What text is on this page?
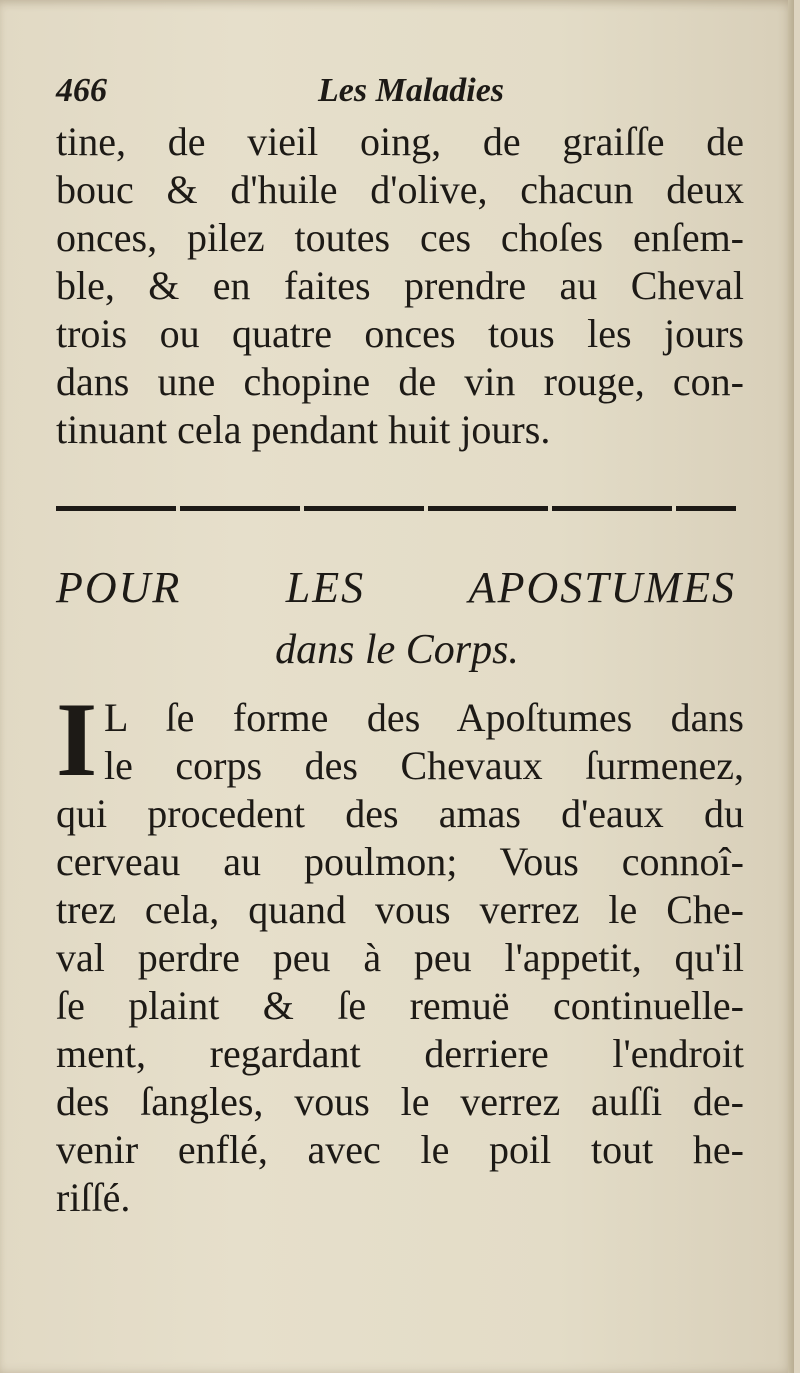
466	Les Maladies
tine, de vieil oing, de graiſſe de
bouc & d'huile d'olive, chacun deux
onces, pilez toutes ces choſes enſem-
ble, & en faites prendre au Cheval
trois ou quatre onces tous les jours
dans une chopine de vin rouge, con-
tinuant cela pendant huit jours.
POUR LES APOSTUMES
dans le Corps.
I L ſe forme des Apoſtumes dans
le corps des Chevaux ſurmenez,
qui procedent des amas d'eaux du
cerveau au poulmon; Vous connoî-
trez cela, quand vous verrez le Che-
val perdre peu à peu l'appetit, qu'il
ſe plaint & ſe remuë continuelle-
ment, regardant derriere l'endroit
des ſangles, vous le verrez auſſi de-
venir enflé, avec le poil tout he-
riſſé.
